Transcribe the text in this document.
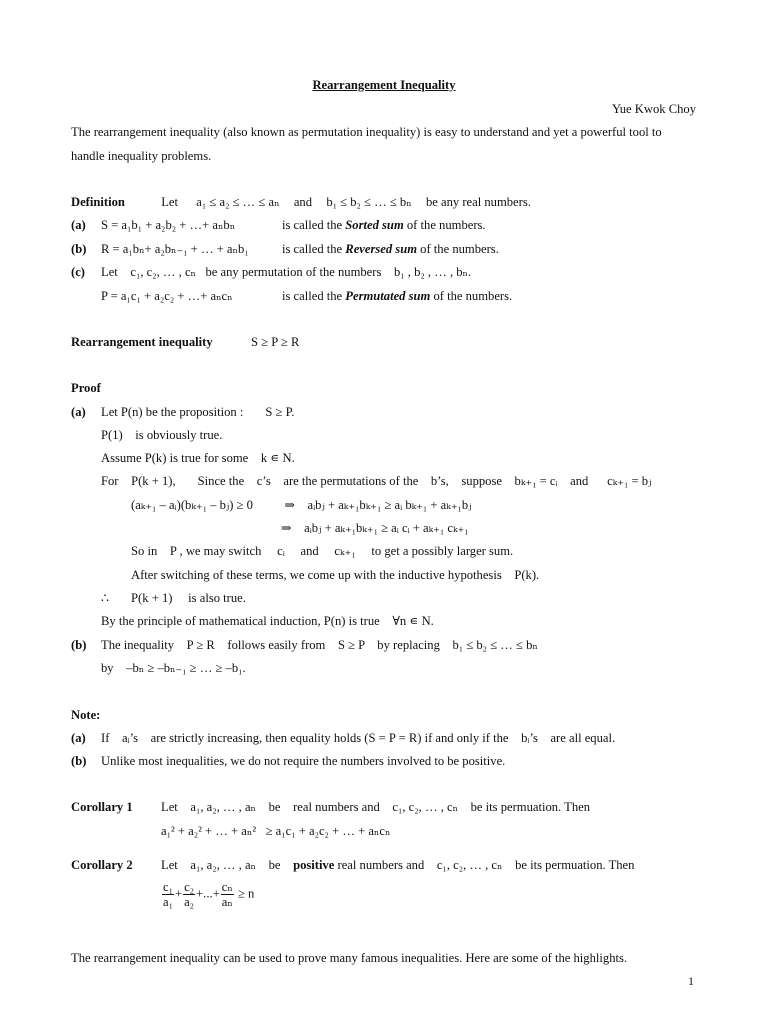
Rearrangement Inequality
Yue Kwok Choy
The rearrangement inequality (also known as permutation inequality) is easy to understand and yet a powerful tool to
handle inequality problems.
Definition	Let a₁ ≤ a₂ ≤ … ≤ aₙ and b₁ ≤ b₂ ≤ … ≤ bₙ be any real numbers.
(a) S = a₁b₁ + a₂b₂ + …+ aₙbₙ	is called the Sorted sum of the numbers.
(b) R = a₁bₙ+ a₂bₙ₋₁ + … + aₙb₁	is called the Reversed sum of the numbers.
(c) Let    c₁, c₂, … , cₙ   be any permutation of the numbers    b₁ , b₂ , … , bₙ.
P = a₁c₁ + a₂c₂ + …+ aₙcₙ	is called the Permutated sum of the numbers.
Rearrangement inequality	S ≥ P ≥ R
Proof
(a) Let P(n) be the proposition :       S ≥ P.
P(1)    is obviously true.
Assume P(k) is true for some    k ∊ N.
For    P(k + 1),       Since the    c’s    are the permutations of the    b’s,    suppose    bₖ₊₁ = cᵢ    and      cₖ₊₁ = bⱼ
(aₖ₊₁ – aᵢ)(bₖ₊₁ – bⱼ) ≥ 0          ⇒    aᵢbⱼ + aₖ₊₁bₖ₊₁ ≥ aᵢ bₖ₊₁ + aₖ₊₁bⱼ
⇒    aᵢbⱼ + aₖ₊₁bₖ₊₁ ≥ aᵢ cᵢ + aₖ₊₁ cₖ₊₁
So in    P , we may switch     cᵢ     and     cₖ₊₁     to get a possibly larger sum.
After switching of these terms, we come up with the inductive hypothesis    P(k).
∴       P(k + 1)     is also true.
By the principle of mathematical induction, P(n) is true    ∀n ∊ N.
(b) The inequality    P ≥ R    follows easily from    S ≥ P    by replacing    b₁ ≤ b₂ ≤ … ≤ bₙ
by    –bₙ ≥ –bₙ₋₁ ≥ … ≥ –b₁.
Note:
(a) If    aᵢ’s    are strictly increasing, then equality holds (S = P = R) if and only if the    bᵢ’s    are all equal.
(b) Unlike most inequalities, we do not require the numbers involved to be positive.
Corollary 1 Let    a₁, a₂, … , aₙ    be    real numbers and    c₁, c₂, … , cₙ    be its permuation. Then
a₁² + a₂² + … + aₙ²   ≥ a₁c₁ + a₂c₂ + … + aₙcₙ
Corollary 2 Let    a₁, a₂, … , aₙ    be    positive real numbers and    c₁, c₂, … , cₙ    be its permuation. Then
$\frac{\text{c₁}}{\text{a₁}} + \frac{\text{c₂}}{\text{a₂}}$ +...+ $\frac{\text{cₙ}}{\text{aₙ}} \ge n$
The rearrangement inequality can be used to prove many famous inequalities. Here are some of the highlights.
1
